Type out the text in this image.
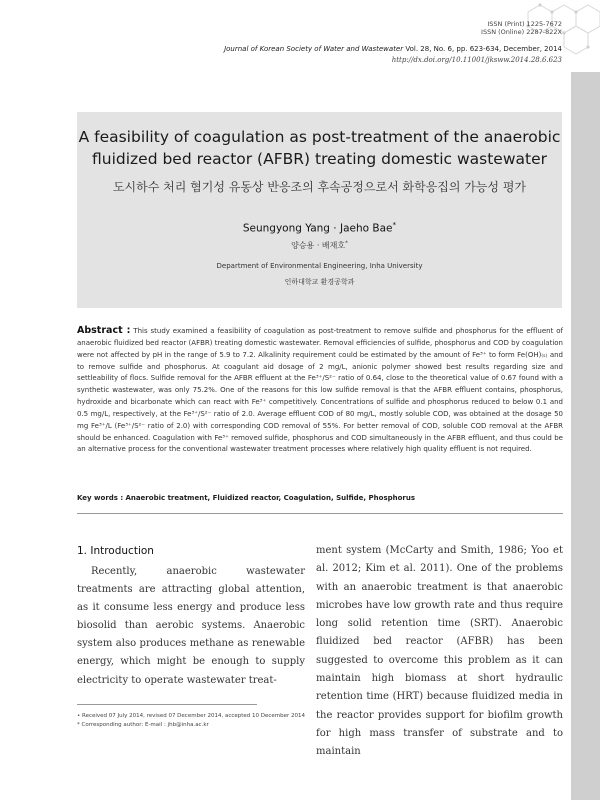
ISSN (Print) 1225-7672
ISSN (Online) 2287-822X
Journal of Korean Society of Water and Wastewater Vol. 28, No. 6, pp. 623-634, December, 2014
http://dx.doi.org/10.11001/jksww.2014.28.6.623
A feasibility of coagulation as post-treatment of the anaerobic
fluidized bed reactor (AFBR) treating domestic wastewater
도시하수 처리 혐기성 유동상 반응조의 후속공정으로서 화학응집의 가능성 평가
Seungyong Yang · Jaeho Bae*
양승용 · 배재호*
Department of Environmental Engineering, Inha University
인하대학교 환경공학과
Abstract : This study examined a feasibility of coagulation as post-treatment to remove sulfide and phosphorus for the effluent of anaerobic fluidized bed reactor (AFBR) treating domestic wastewater. Removal efficiencies of sulfide, phosphorus and COD by coagulation were not affected by pH in the range of 5.9 to 7.2. Alkalinity requirement could be estimated by the amount of Fe³⁺ to form Fe(OH)₍ₛ₎ and to remove sulfide and phosphorus. At coagulant aid dosage of 2 mg/L, anionic polymer showed best results regarding size and settleability of flocs. Sulfide removal for the AFBR effluent at the Fe³⁺/S²⁻ ratio of 0.64, close to the theoretical value of 0.67 found with a synthetic wastewater, was only 75.2%. One of the reasons for this low sulfide removal is that the AFBR effluent contains, phosphorus, hydroxide and bicarbonate which can react with Fe³⁺ competitively. Concentrations of sulfide and phosphorus reduced to below 0.1 and 0.5 mg/L, respectively, at the Fe³⁺/S²⁻ ratio of 2.0. Average effluent COD of 80 mg/L, mostly soluble COD, was obtained at the dosage 50 mg Fe³⁺/L (Fe³⁺/S²⁻ ratio of 2.0) with corresponding COD removal of 55%. For better removal of COD, soluble COD removal at the AFBR should be enhanced. Coagulation with Fe³⁺ removed sulfide, phosphorus and COD simultaneously in the AFBR effluent, and thus could be an alternative process for the conventional wastewater treatment processes where relatively high quality effluent is not required.
Key words : Anaerobic treatment, Fluidized reactor, Coagulation, Sulfide, Phosphorus
1. Introduction
Recently, anaerobic wastewater treatments are attracting global attention, as it consume less energy and produce less biosolid than aerobic systems. Anaerobic system also produces methane as renewable energy, which might be enough to supply electricity to operate wastewater treat-
ment system (McCarty and Smith, 1986; Yoo et al. 2012; Kim et al. 2011). One of the problems with an anaerobic treatment is that anaerobic microbes have low growth rate and thus require long solid retention time (SRT). Anaerobic fluidized bed reactor (AFBR) has been suggested to overcome this problem as it can maintain high biomass at short hydraulic retention time (HRT) because fluidized media in the reactor provides support for biofilm growth for high mass transfer of substrate and to maintain
• Received 07 July 2014, revised 07 December 2014, accepted 10 December 2014
* Corresponding author: E-mail : jhb@inha.ac.kr
